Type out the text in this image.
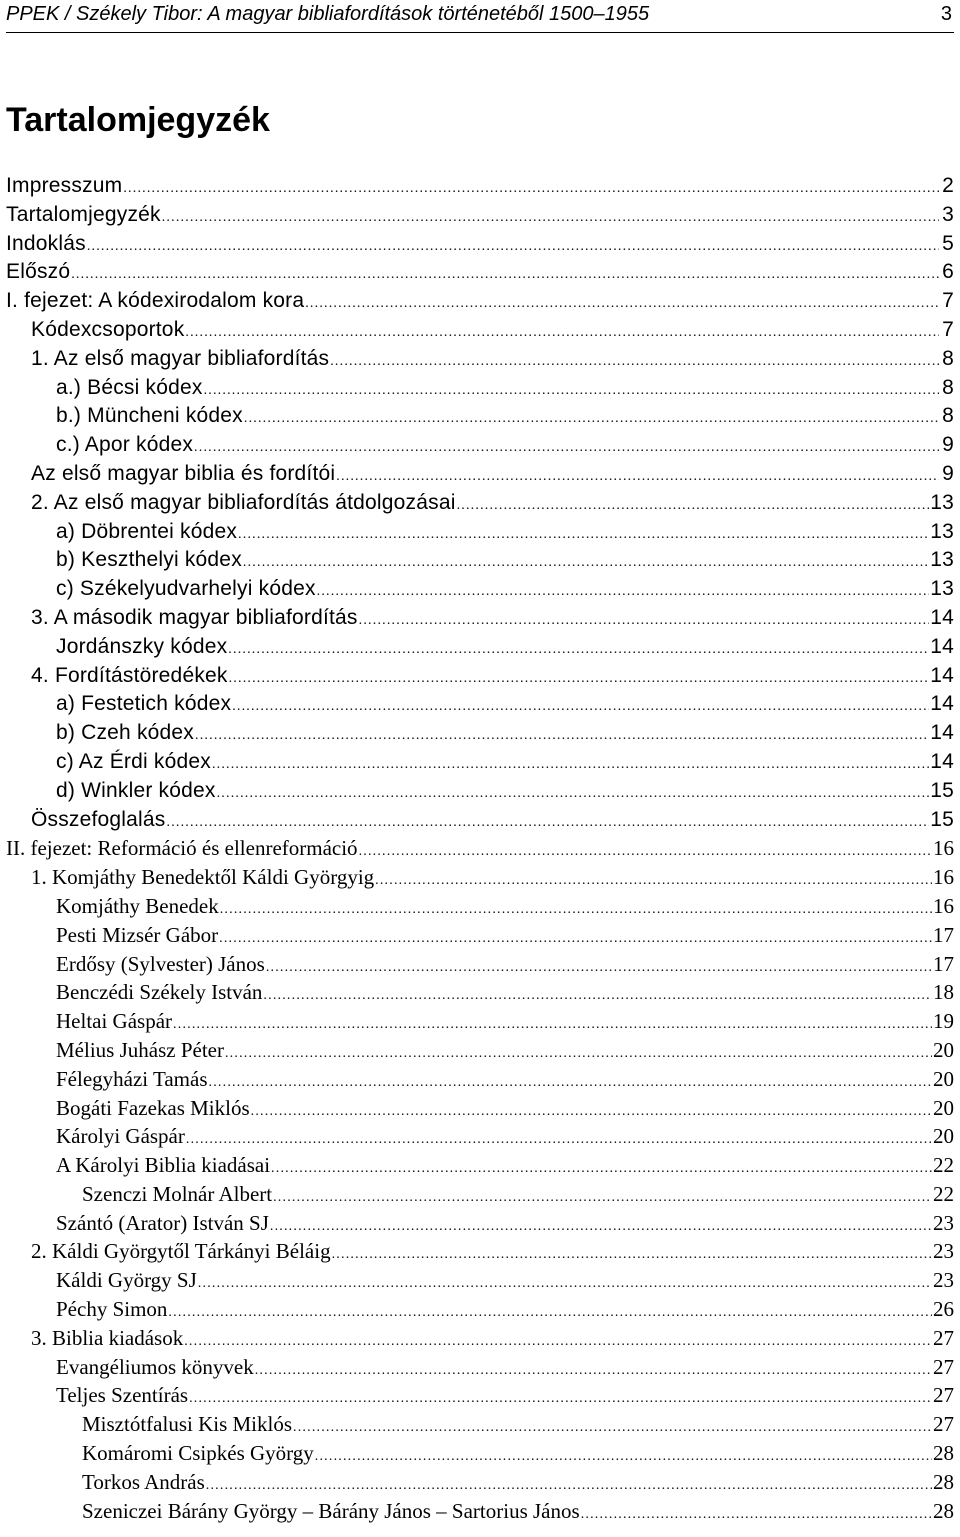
PPEK / Székely Tibor: A magyar bibliafordítások történetéből 1500–1955	3
Tartalomjegyzék
Impresszum .....	2
Tartalomjegyzék .....	3
Indoklás .....	5
Előszó .....	6
I. fejezet: A kódexirodalom kora .....	7
Kódexcsoportok .....	7
1. Az első magyar bibliafordítás .....	8
a.) Bécsi kódex .....	8
b.) Müncheni kódex .....	8
c.) Apor kódex .....	9
Az első magyar biblia és fordítói .....	9
2. Az első magyar bibliafordítás átdolgozásai .....	13
a) Döbrentei kódex .....	13
b) Keszthelyi kódex .....	13
c) Székelyudvarhelyi kódex .....	13
3. A második magyar bibliafordítás .....	14
Jordánszky kódex .....	14
4. Fordítástöredékek .....	14
a) Festetich kódex .....	14
b) Czeh kódex .....	14
c) Az Érdi kódex .....	14
d) Winkler kódex .....	15
Összefoglalás .....	15
II. fejezet: Reformáció és ellenreformáció .....	16
1. Komjáthy Benedektől Káldi Györgyig .....	16
Komjáthy Benedek .....	16
Pesti Mizsér Gábor .....	17
Erdősy (Sylvester) János .....	17
Benczédi Székely István .....	18
Heltai Gáspár .....	19
Mélius Juhász Péter .....	20
Félegyházi Tamás .....	20
Bogáti Fazekas Miklós .....	20
Károlyi Gáspár .....	20
A Károlyi Biblia kiadásai .....	22
Szenczi Molnár Albert .....	22
Szántó (Arator) István SJ .....	23
2. Káldi Györgytől Tárkányi Béláig .....	23
Káldi György SJ .....	23
Péchy Simon .....	26
3. Biblia kiadások .....	27
Evangéliumos könyvek .....	27
Teljes Szentírás .....	27
Misztótfalusi Kis Miklós .....	27
Komáromi Csipkés György .....	28
Torkos András .....	28
Szeniczei Bárány György – Bárány János – Sartorius János .....	28
